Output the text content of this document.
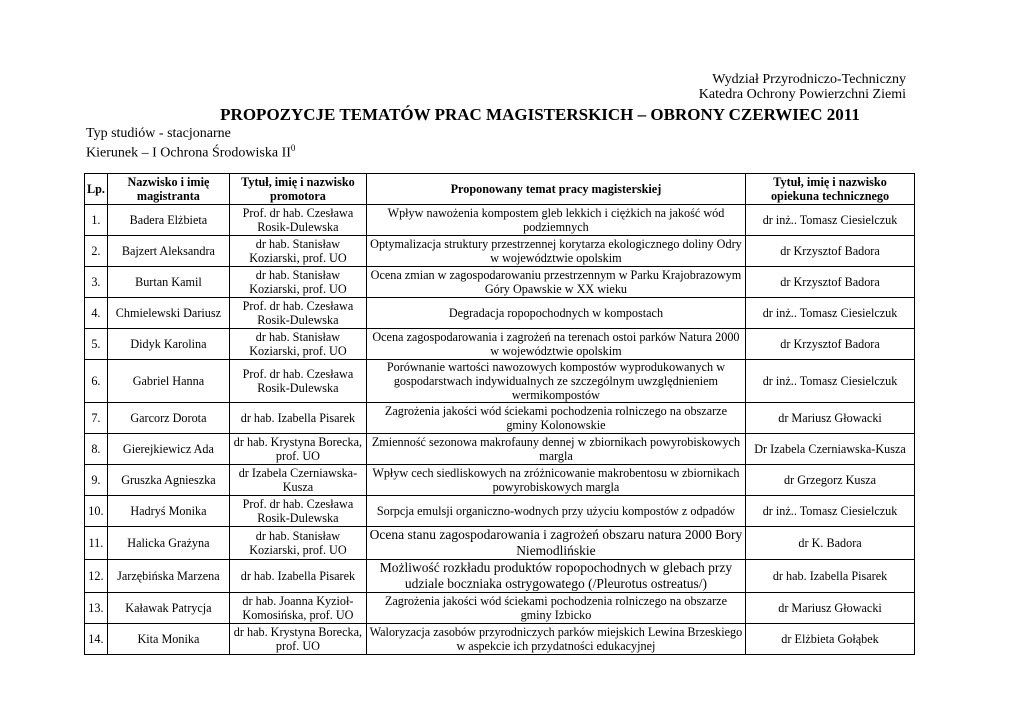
Wydział Przyrodniczo-Techniczny
Katedra Ochrony Powierzchni Ziemi
PROPOZYCJE TEMATÓW PRAC MAGISTERSKICH – OBRONY CZERWIEC 2011
Typ studiów - stacjonarne
Kierunek – I Ochrona Środowiska $II^0$
Lp.	Nazwisko i imię magistranta	Tytuł, imię i nazwisko promotora	Proponowany temat pracy magisterskiej	Tytuł, imię i nazwisko opiekuna technicznego
1.	Badera Elżbieta	Prof. dr hab. Czesława Rosik-Dulewska	Wpływ nawożenia kompostem gleb lekkich i ciężkich na jakość wód podziemnych	dr inż.. Tomasz Ciesielczuk
2.	Bajzert Aleksandra	dr hab. Stanisław Koziarski, prof. UO	Optymalizacja struktury przestrzennej korytarza ekologicznego doliny Odry w województwie opolskim	dr Krzysztof Badora
3.	Burtan Kamil	dr hab. Stanisław Koziarski, prof. UO	Ocena zmian w zagospodarowaniu przestrzennym w Parku Krajobrazowym Góry Opawskie w XX wieku	dr Krzysztof Badora
4.	Chmielewski Dariusz	Prof. dr hab. Czesława Rosik-Dulewska	Degradacja ropopochodnych w kompostach	dr inż.. Tomasz Ciesielczuk
5.	Didyk Karolina	dr hab. Stanisław Koziarski, prof. UO	Ocena zagospodarowania i zagrożeń na terenach ostoi parków Natura 2000 w województwie opolskim	dr Krzysztof Badora
6.	Gabriel Hanna	Prof. dr hab. Czesława Rosik-Dulewska	Porównanie wartości nawozowych kompostów wyprodukowanych w gospodarstwach indywidualnych ze szczególnym uwzględnieniem wermikompostów	dr inż.. Tomasz Ciesielczuk
7.	Garcorz Dorota	dr hab. Izabella Pisarek	Zagrożenia jakości wód ściekami pochodzenia rolniczego na obszarze gminy Kolonowskie	dr Mariusz Głowacki
8.	Gierejkiewicz Ada	dr hab. Krystyna Borecka, prof. UO	Zmienność sezonowa makrofauny dennej w zbiornikach powyrobiskowych margla	Dr Izabela Czerniawska-Kusza
9.	Gruszka Agnieszka	dr Izabela Czerniawska-Kusza	Wpływ cech siedliskowych na zróżnicowanie makrobentosu w zbiornikach powyrobiskowych margla	dr Grzegorz Kusza
10.	Hadryś Monika	Prof. dr hab. Czesława Rosik-Dulewska	Sorpcja emulsji organiczno-wodnych przy użyciu kompostów z odpadów	dr inż.. Tomasz Ciesielczuk
11.	Halicka Grażyna	dr hab. Stanisław Koziarski, prof. UO	Ocena stanu zagospodarowania i zagrożeń obszaru natura 2000 Bory Niemodlińskie	dr K. Badora
12.	Jarzębińska Marzena	dr hab. Izabella Pisarek	Możliwość rozkładu produktów ropopochodnych w glebach przy udziale boczniaka ostrygowatego (/Pleurotus ostreatus/)	dr hab. Izabella Pisarek
13.	Kaławak Patrycja	dr hab. Joanna Kyzioł-Komosińska, prof. UO	Zagrożenia jakości wód ściekami pochodzenia rolniczego na obszarze gminy Izbicko	dr Mariusz Głowacki
14.	Kita Monika	dr hab. Krystyna Borecka, prof. UO	Waloryzacja zasobów przyrodniczych parków miejskich Lewina Brzeskiego w aspekcie ich przydatności edukacyjnej	dr Elżbieta Gołąbek
